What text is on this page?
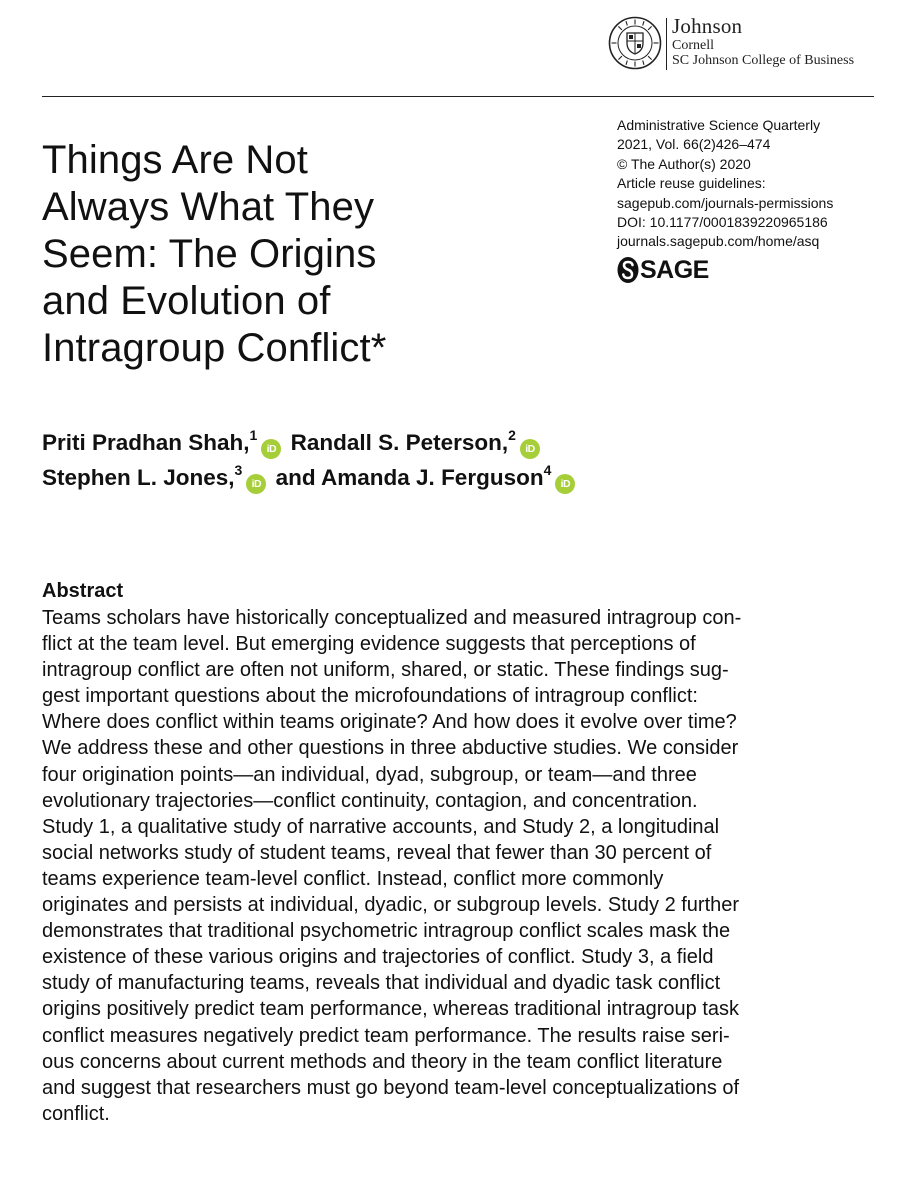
Johnson
Cornell
SC Johnson College of Business
Things Are Not
Always What They
Seem: The Origins
and Evolution of
Intragroup Conflict*
Administrative Science Quarterly
2021, Vol. 66(2)426–474
© The Author(s) 2020
Article reuse guidelines:
sagepub.com/journals-permissions
DOI: 10.1177/0001839220965186
journals.sagepub.com/home/asq
SAGE
Priti Pradhan Shah,$^1$iD Randall S. Peterson,$^2$iD
Stephen L. Jones,$^3$iD and Amanda J. Ferguson$^4$iD
Abstract

Teams scholars have historically conceptualized and measured intragroup con-
flict at the team level. But emerging evidence suggests that perceptions of
intragroup conflict are often not uniform, shared, or static. These findings sug-
gest important questions about the microfoundations of intragroup conflict:
Where does conflict within teams originate? And how does it evolve over time?
We address these and other questions in three abductive studies. We consider
four origination points—an individual, dyad, subgroup, or team—and three
evolutionary trajectories—conflict continuity, contagion, and concentration.
Study 1, a qualitative study of narrative accounts, and Study 2, a longitudinal
social networks study of student teams, reveal that fewer than 30 percent of
teams experience team-level conflict. Instead, conflict more commonly
originates and persists at individual, dyadic, or subgroup levels. Study 2 further
demonstrates that traditional psychometric intragroup conflict scales mask the
existence of these various origins and trajectories of conflict. Study 3, a field
study of manufacturing teams, reveals that individual and dyadic task conflict
origins positively predict team performance, whereas traditional intragroup task
conflict measures negatively predict team performance. The results raise seri-
ous concerns about current methods and theory in the team conflict literature
and suggest that researchers must go beyond team-level conceptualizations of
conflict.
